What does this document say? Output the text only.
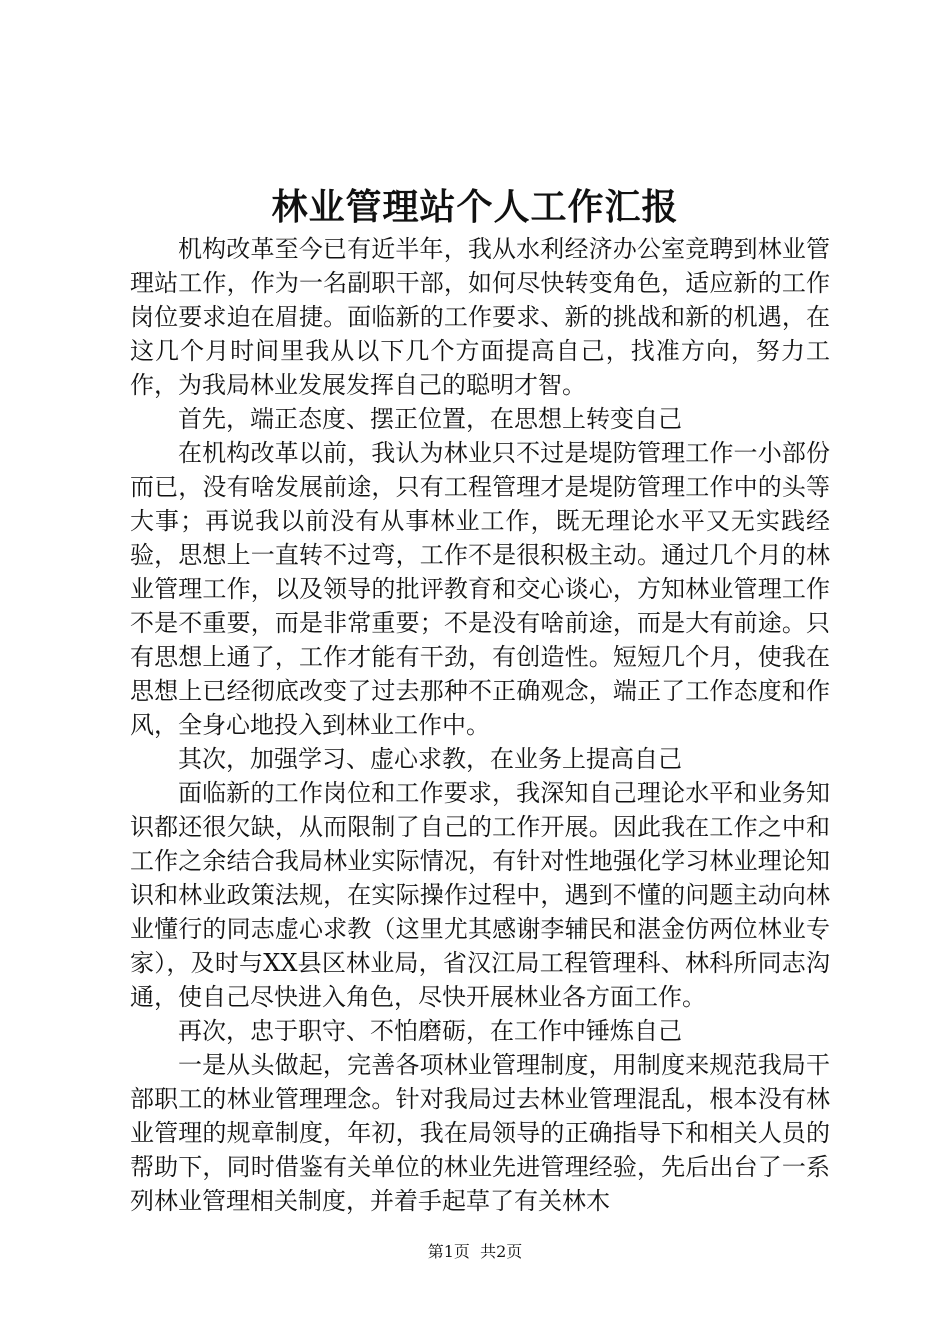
林业管理站个人工作汇报

机构改革至今已有近半年，我从水利经济办公室竞聘到林业管理站工作，作为一名副职干部，如何尽快转变角色，适应新的工作岗位要求迫在眉捷。面临新的工作要求、新的挑战和新的机遇，在这几个月时间里我从以下几个方面提高自己，找准方向，努力工作，为我局林业发展发挥自己的聪明才智。

首先，端正态度、摆正位置，在思想上转变自己

在机构改革以前，我认为林业只不过是堤防管理工作一小部份而已，没有啥发展前途，只有工程管理才是堤防管理工作中的头等大事；再说我以前没有从事林业工作，既无理论水平又无实践经验，思想上一直转不过弯，工作不是很积极主动。通过几个月的林业管理工作，以及领导的批评教育和交心谈心，方知林业管理工作不是不重要，而是非常重要；不是没有啥前途，而是大有前途。只有思想上通了，工作才能有干劲，有创造性。短短几个月，使我在思想上已经彻底改变了过去那种不正确观念，端正了工作态度和作风，全身心地投入到林业工作中。

其次，加强学习、虚心求教，在业务上提高自己

面临新的工作岗位和工作要求，我深知自己理论水平和业务知识都还很欠缺，从而限制了自己的工作开展。因此我在工作之中和工作之余结合我局林业实际情况，有针对性地强化学习林业理论知识和林业政策法规，在实际操作过程中，遇到不懂的问题主动向林业懂行的同志虚心求教（这里尤其感谢李辅民和湛金仿两位林业专家），及时与XX县区林业局，省汉江局工程管理科、林科所同志沟通，使自己尽快进入角色，尽快开展林业各方面工作。

再次，忠于职守、不怕磨砺，在工作中锤炼自己

一是从头做起，完善各项林业管理制度，用制度来规范我局干部职工的林业管理理念。针对我局过去林业管理混乱，根本没有林业管理的规章制度，年初，我在局领导的正确指导下和相关人员的帮助下，同时借鉴有关单位的林业先进管理经验，先后出台了一系列林业管理相关制度，并着手起草了有关林木

第1页 共2页
